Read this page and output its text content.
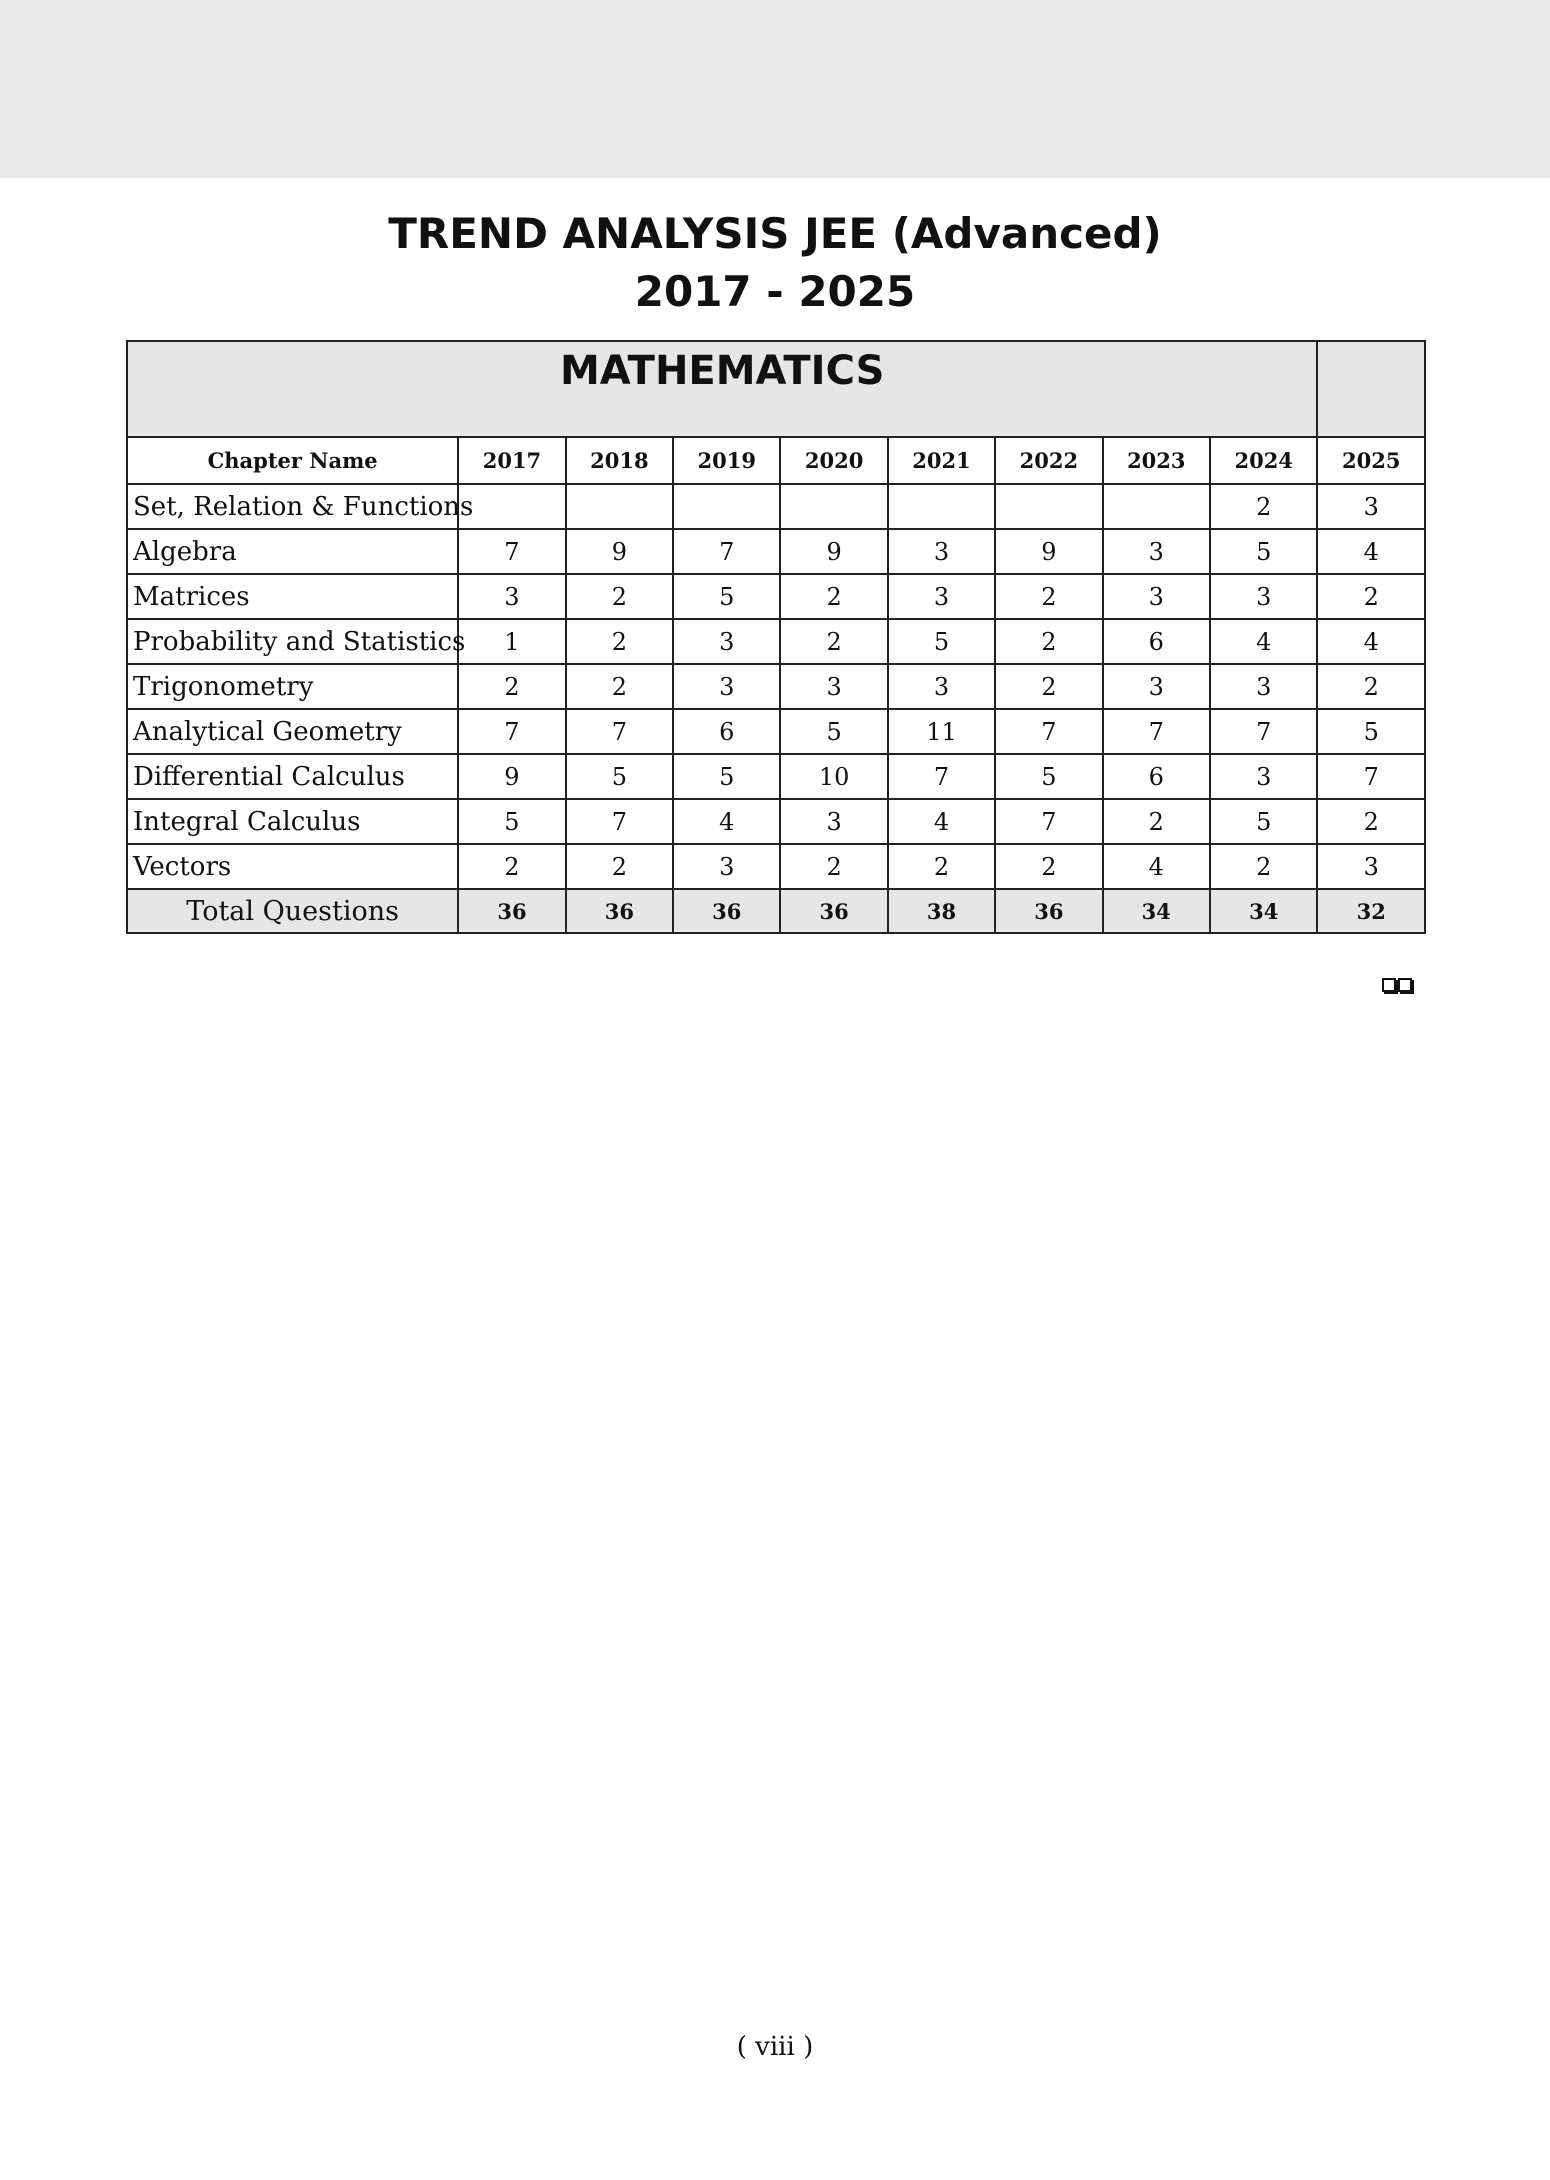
TREND ANALYSIS JEE (Advanced)
2017 - 2025
MATHEMATICS									
Chapter Name	2017	2018	2019	2020	2021	2022	2023	2024	2025
Set, Relation & Functions								2	3
Algebra	7	9	7	9	3	9	3	5	4
Matrices	3	2	5	2	3	2	3	3	2
Probability and Statistics	1	2	3	2	5	2	6	4	4
Trigonometry	2	2	3	3	3	2	3	3	2
Analytical Geometry	7	7	6	5	11	7	7	7	5
Differential Calculus	9	5	5	10	7	5	6	3	7
Integral Calculus	5	7	4	3	4	7	2	5	2
Vectors	2	2	3	2	2	2	4	2	3
Total Questions	36	36	36	36	38	36	34	34	32
( viii )
